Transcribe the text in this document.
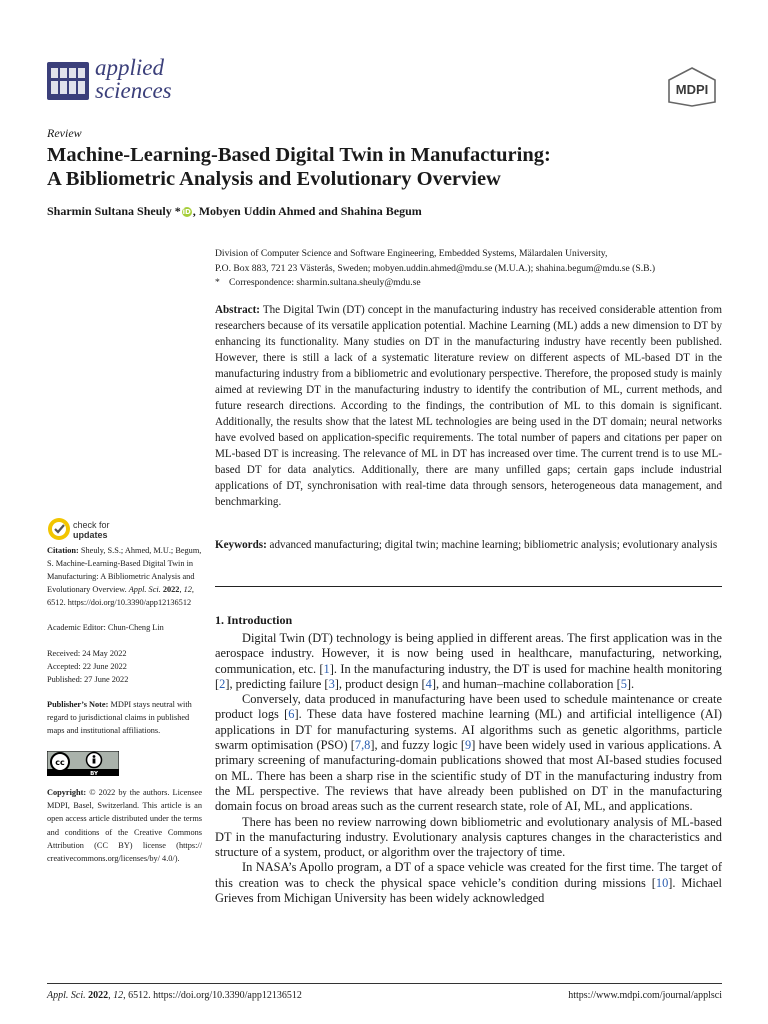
applied
sciences	MDPI
Review
Machine-Learning-Based Digital Twin in Manufacturing:
A Bibliometric Analysis and Evolutionary Overview
Sharmin Sultana Sheuly * iD , Mobyen Uddin Ahmed and Shahina Begum
Division of Computer Science and Software Engineering, Embedded Systems, Mälardalen University,
P.O. Box 883, 721 23 Västerås, Sweden; mobyen.uddin.ahmed@mdu.se (M.U.A.); shahina.begum@mdu.se (S.B.)
* Correspondence: sharmin.sultana.sheuly@mdu.se
Abstract: The Digital Twin (DT) concept in the manufacturing industry has received considerable attention from researchers because of its versatile application potential. Machine Learning (ML) adds a new dimension to DT by enhancing its functionality. Many studies on DT in the manufacturing industry have recently been published. However, there is still a lack of a systematic literature review on different aspects of ML-based DT in the manufacturing industry from a bibliometric and evolutionary perspective. Therefore, the proposed study is mainly aimed at reviewing DT in the manufacturing industry to identify the contribution of ML, current methods, and future research directions. According to the findings, the contribution of ML to this domain is significant. Additionally, the results show that the latest ML technologies are being used in the DT domain; neural networks have evolved based on application-specific requirements. The total number of papers and citations per paper on ML-based DT is increasing. The relevance of ML in DT has increased over time. The current trend is to use ML-based DT for data analytics. Additionally, there are many unfilled gaps; certain gaps include industrial applications of DT, synchronisation with real-time data through sensors, heterogeneous data management, and benchmarking.
Keywords: advanced manufacturing; digital twin; machine learning; bibliometric analysis; evolutionary analysis
check for
updates

Citation: Sheuly, S.S.; Ahmed, M.U.; Begum, S. Machine-Learning-Based Digital Twin in Manufacturing: A Bibliometric Analysis and Evolutionary Overview. Appl. Sci. 2022, 12, 6512. https://doi.org/10.3390/app12136512

Academic Editor: Chun-Cheng Lin

Received: 24 May 2022

Accepted: 22 June 2022

Published: 27 June 2022

Publisher’s Note: MDPI stays neutral with regard to jurisdictional claims in published maps and institutional affiliations.

cc
BY

Copyright: © 2022 by the authors. Licensee MDPI, Basel, Switzerland. This article is an open access article distributed under the terms and conditions of the Creative Commons Attribution (CC BY) license (https:// creativecommons.org/licenses/by/ 4.0/).

1. Introduction

Digital Twin (DT) technology is being applied in different areas. The first application was in the aerospace industry. However, it is now being used in healthcare, manufacturing, networking, communication, etc. [1]. In the manufacturing industry, the DT is used for machine health monitoring [2], predicting failure [3], product design [4], and human–machine collaboration [5].

Conversely, data produced in manufacturing have been used to schedule maintenance or create product logs [6]. These data have fostered machine learning (ML) and artificial intelligence (AI) applications in DT for manufacturing systems. AI algorithms such as genetic algorithms, particle swarm optimisation (PSO) [7,8], and fuzzy logic [9] have been widely used in various applications. A primary screening of manufacturing-domain publications showed that most AI-based studies focused on ML. There has been a sharp rise in the scientific study of DT in the manufacturing industry from the ML perspective. The reviews that have already been published on DT in the manufacturing domain focus on broad areas such as the current research state, role of AI, ML, and applications.

There has been no review narrowing down bibliometric and evolutionary analysis of ML-based DT in the manufacturing industry. Evolutionary analysis captures changes in the characteristics and structure of a system, product, or algorithm over the trajectory of time.

In NASA’s Apollo program, a DT of a space vehicle was created for the first time. The target of this creation was to check the physical space vehicle’s condition during missions [10]. Michael Grieves from Michigan University has been widely acknowledged

Appl. Sci. 2022, 12, 6512. https://doi.org/10.3390/app12136512	https://www.mdpi.com/journal/applsci
